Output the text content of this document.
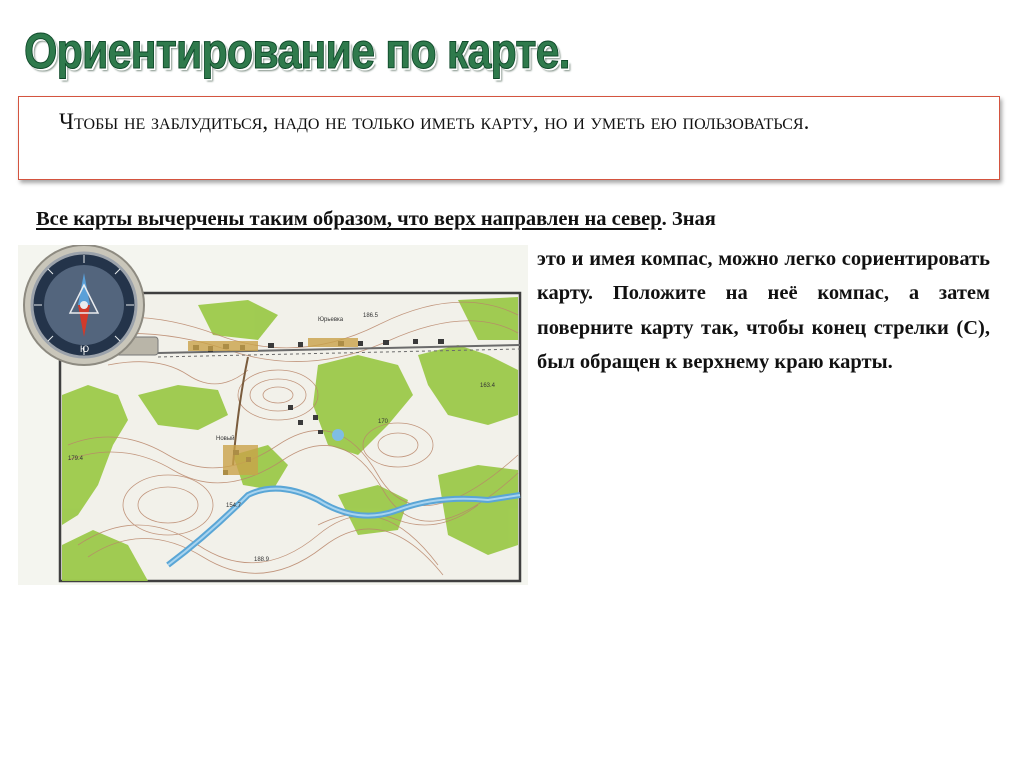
Ориентирование по карте.
Чтобы не заблудиться, надо не только иметь карту, но и уметь ею пользоваться.
Все карты вычерчены таким образом, что верх направлен на север. Зная
это и имея компас, можно легко сориентировать карту. Положите на неё компас, а затем поверните карту так, чтобы конец стрелки (С), был обращен к верхнему краю карты.
Юрьевка
Новый
186.5
163.4
179.4
154.7
188.9
170
Ю
